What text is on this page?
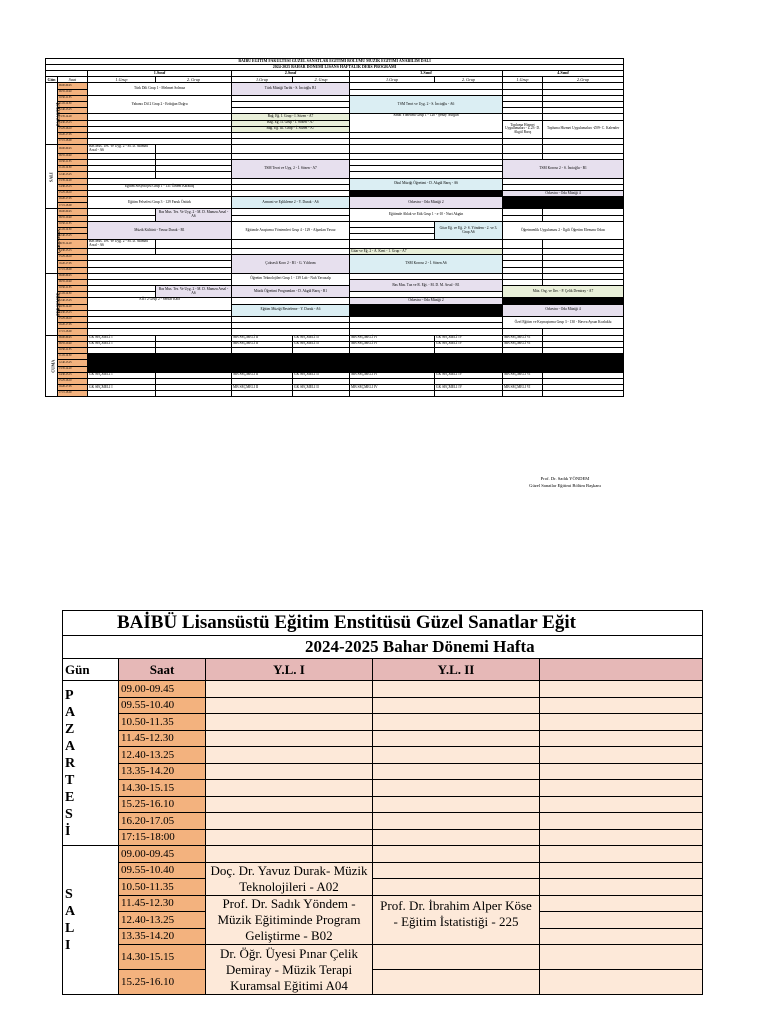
BAİBÜ EĞİTİM FAKÜLTESİ GÜZEL SANATLAR EĞİTİMİ BÖLÜMÜ MÜZİK EĞİTİMİ ANABİLİM DALI									
2024-2025 BAHAR DÖNEMİ LİSANS HAFTALIK DERS PROGRAMI									
		1.Sınıf		2.Sınıf		3.Sınıf		4.Sınıf	
Gün	Saat	1.Grup	2. Grup	1.Grup	2. Grup	1.Grup	2. Grup	1.Grup	2.Grup
PAZARTESİ	09.00-09.45	Türk Dili Grup 1 - Mehmet Solmaz		Türk Müziği Tarihi - S. İncioğlu B1					
	09.55-10.40								
	10.50-11.35	Yabancı Dil 2 Grup 2 - Erdoğan Doğru				TSM Teori ve Uyg. 2 - S. İncioğlu - A6			
	11.45-12.30								
	12.40-13.25								
	13.35-14.20			Bağ. Eğ. I. Grup - İ. Sözen - A7		Sanat Yönetimi Grup 1 - 120 - Şenay Nurgün			
	14.30-15.15			Bağ. Eğ. II. Grup - İ. Sözen - A7				Topluma Hizmet Uygulamaları - Z.23- D. Akgül Barış	Topluma Hizmet Uygulamaları -Z09- C. Kalender
	15.25-16.10			Bağ. Eğ. III. Grup - İ. Sözen - A7					
	16.20-17.05								
	17.15-18.00								
SALI	09.00-09.45	Bas Mus. Tes. Ve Uyg. 2 - M. D. Mamzu Arsal - A6							
	09.55-10.40								
	10.50-11.35			TSM Teori ve Uyg. 2 - İ. Sözen - A7				TSM Koroso 2 - S. İncioğlu - B1	
	11.45-12.30								
	12.40-13.25								
	13.35-14.20					Okul Müziği Öğretimi - D. Akgül Barış - A6			
	14.30-15.15	Eğitim Sosyolojisi Grup 1 - 131 Özlem Karakuş							
	15.25-16.10							Orkestra - Oda Müziği 4	
	16.20-17.05	Eğitim Felsefesi Grup 3 - 129 Faruk Öztürk		Armoni ve Eşlikleme 2 - Y. Durak - A6		Orkestra - Oda Müziği 2			
	17.15-18.00								
ÇARŞAMBA	09.00-09.45		Bas Mus. Tes. Ve Uyg. 2 - M. D. Mamzu Arsal - A6			Eğitimde Ahlak ve Etik Grup 1 - z-10 - Nuri Akgün			
	09.55-10.40								
	10.50-11.35	Müzik Kültürü - Yavuz Durak - B1		Eğitimde Araştırma Yöntemleri Grup 4 - 129 - Alpaslan Yavuz			Gitar Eğ. ve Eğ. 2- S. Yöndem - 2. ve 3. Grup A6	Öğretmenlik Uygulaması 2 - İlgili Öğretim Elemanı Odası	
	11.45-12.30								
	12.40-13.25								
	13.35-14.20	Bas Mus. Tes. Ve Uyg. 2 - M. D. Mamzu Arsal - A6							
	14.30-15.15					Gitar ve Eğ. 2 - A. Kent - 1. Grup - A7			
	15.25-16.10			Çoksesli Koro 2 - B1 - G. Yıldırım		TSM Koroso 2 - İ. Sözen A6			
	16.20-17.05								
	17.15-18.00								
PERŞEMBE	09.00-09.45			Öğretim Teknolojileri Grup 1 - 139 Lab - Nuh Yavuzalp					
	09.55-10.40					Bas Mus. Tuz ve R. Eğt. - M. D. M. Arsal - B1			
	10.50-11.35		Bas Mus. Tes. Ve Uyg. 2 - M. D. Mamzu Arsal - A6	Müzik Öğretimi Programları - D. Akgül Barış - B1				Müz. Org. ve İler. - P. Çelik Demiray - A7	
	11.45-12.30								
	12.40-13.25	AİİT 2 Grup 2 - Serdar Kara				Orkestra - Oda Müziği 2			
	13.35-14.20			Eğitim Müziği Besteleme - Y. Durak - A6				Orkestra - Oda Müziği 4	
	14.30-15.15								
	15.25-16.10							Özel Eğitim ve Kaynaştırma Grup 3 - 130 - Havva Aysun Kozluklu	
	16.20-17.05								
	17.15-18.00								
CUMA	09.00-09.45	GK SEÇMELİ I		MB SEÇMELİ II	GK SEÇMELİ II	MB SEÇMELİ IV	GK SEÇMELİ IV	MB SEÇMELİ VI	
	09.55-10.40	GK SEÇMELİ I		MB SEÇMELİ II	GK SEÇMELİ II	MB SEÇMELİ IV	GK SEÇMELİ IV	MB SEÇMELİ VI	
	10.50-11.35								
	11.45-12.30								
	12.40-13.25								
	13.35-14.20								
	14.30-15.15	GK SEÇMELİ I		MB SEÇMELİ II	GK SEÇMELİ II	MB SEÇMELİ IV	GK SEÇMELİ IV	MB SEÇMELİ VI	
	15.25-16.10								
	16.20-17.05	GK SEÇMELİ I		MB SEÇMELİ II	GK SEÇMELİ II	MB SEÇMELİ IV	GK SEÇMELİ IV	MB SEÇMELİ VI	
	17.15-18.00								
Prof. Dr. Sadık YÖNDEM
Güzel Sanatlar Eğitimi Bölüm Başkanı
BAİBÜ Lisansüstü Eğitim Enstitüsü Güzel Sanatlar Eğit				
2024-2025 Bahar Dönemi Hafta				
Gün	Saat	Y.L. I	Y.L. II	

PAZARTESİ	09.00-09.45			
	09.55-10.40			
	10.50-11.35			
	11.45-12.30			
	12.40-13.25			
	13.35-14.20			
	14.30-15.15			
	15.25-16.10			
	16.20-17.05			
	17:15-18:00			

SALI	09.00-09.45			
	09.55-10.40	Doç. Dr. Yavuz Durak- Müzik Teknolojileri - A02		
	10.50-11.35			
	11.45-12.30	Prof. Dr. Sadık Yöndem - Müzik Eğitiminde Program Geliştirme - B02	Prof. Dr. İbrahim Alper Köse - Eğitim İstatistiği - 225	
	12.40-13.25			
	13.35-14.20			
	14.30-15.15	Dr. Öğr. Üyesi Pınar Çelik Demiray - Müzik Terapi Kuramsal Eğitimi A04		
	15.25-16.10			
